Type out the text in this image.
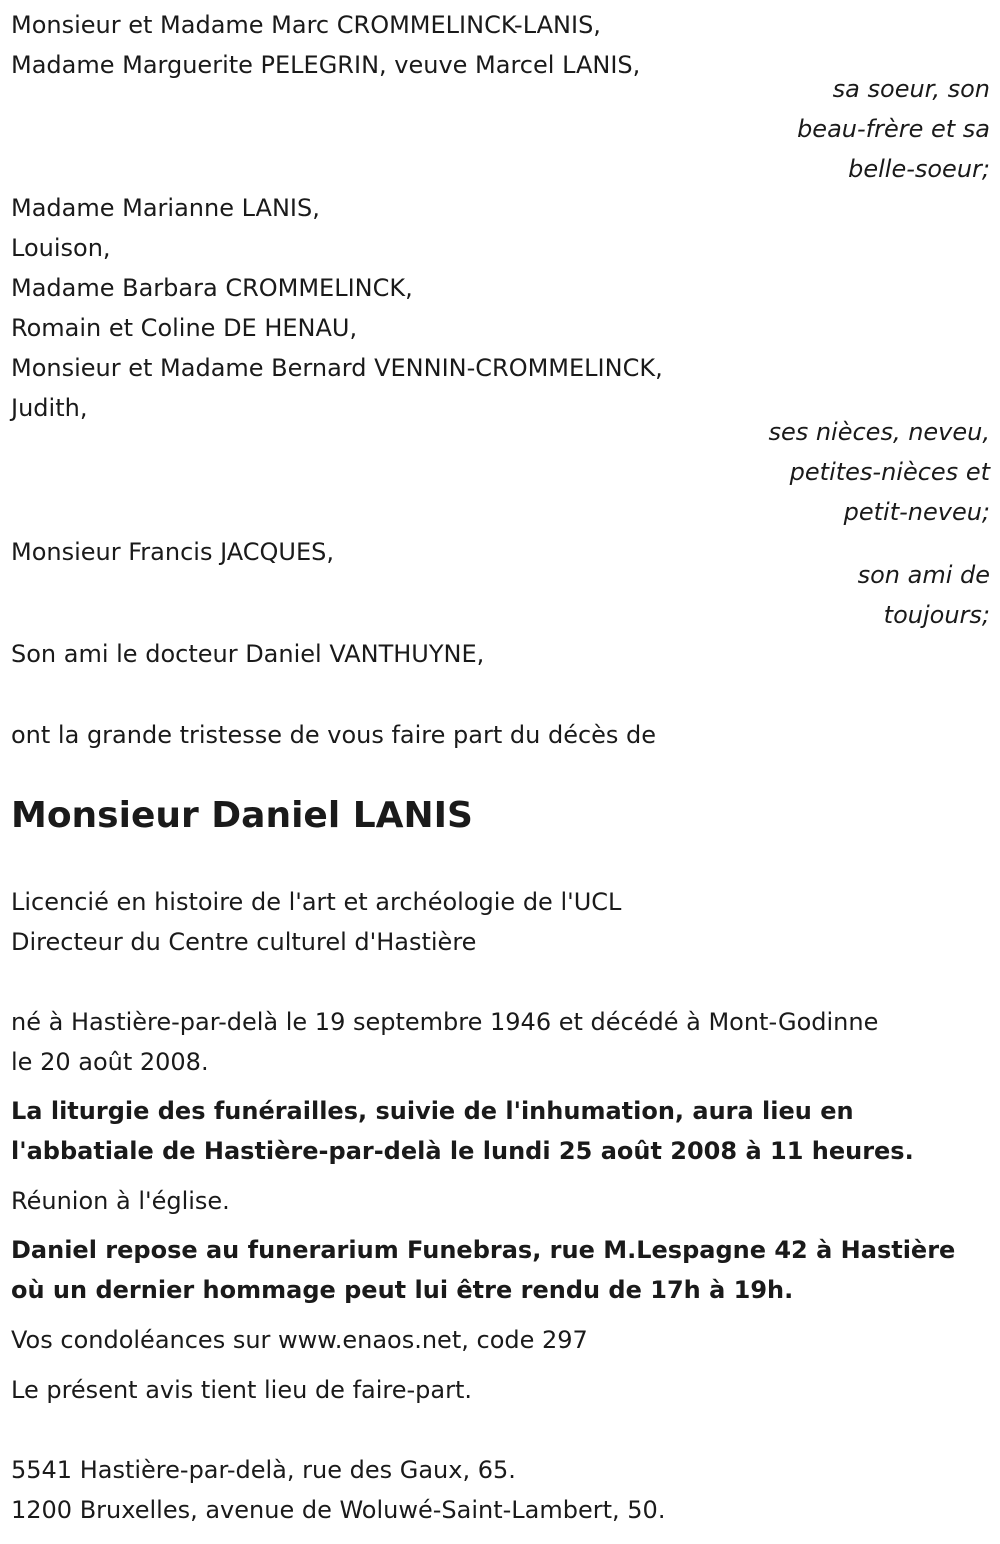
Monsieur et Madame Marc CROMMELINCK-LANIS,
Madame Marguerite PELEGRIN, veuve Marcel LANIS,
sa soeur, son
beau-frère et sa
belle-soeur;
Madame Marianne LANIS,
Louison,
Madame Barbara CROMMELINCK,
Romain et Coline DE HENAU,
Monsieur et Madame Bernard VENNIN-CROMMELINCK,
Judith,
ses nièces, neveu,
petites-nièces et
petit-neveu;
Monsieur Francis JACQUES,
son ami de
toujours;
Son ami le docteur Daniel VANTHUYNE,
ont la grande tristesse de vous faire part du décès de
Monsieur Daniel LANIS
Licencié en histoire de l'art et archéologie de l'UCL
Directeur du Centre culturel d'Hastière
né à Hastière-par-delà le 19 septembre 1946 et décédé à Mont-Godinne
le 20 août 2008.
La liturgie des funérailles, suivie de l'inhumation, aura lieu en
l'abbatiale de Hastière-par-delà le lundi 25 août 2008 à 11 heures.
Réunion à l'église.
Daniel repose au funerarium Funebras, rue M.Lespagne 42 à Hastière
où un dernier hommage peut lui être rendu de 17h à 19h.
Vos condoléances sur www.enaos.net, code 297
Le présent avis tient lieu de faire-part.
5541 Hastière-par-delà, rue des Gaux, 65.
1200 Bruxelles, avenue de Woluwé-Saint-Lambert, 50.
